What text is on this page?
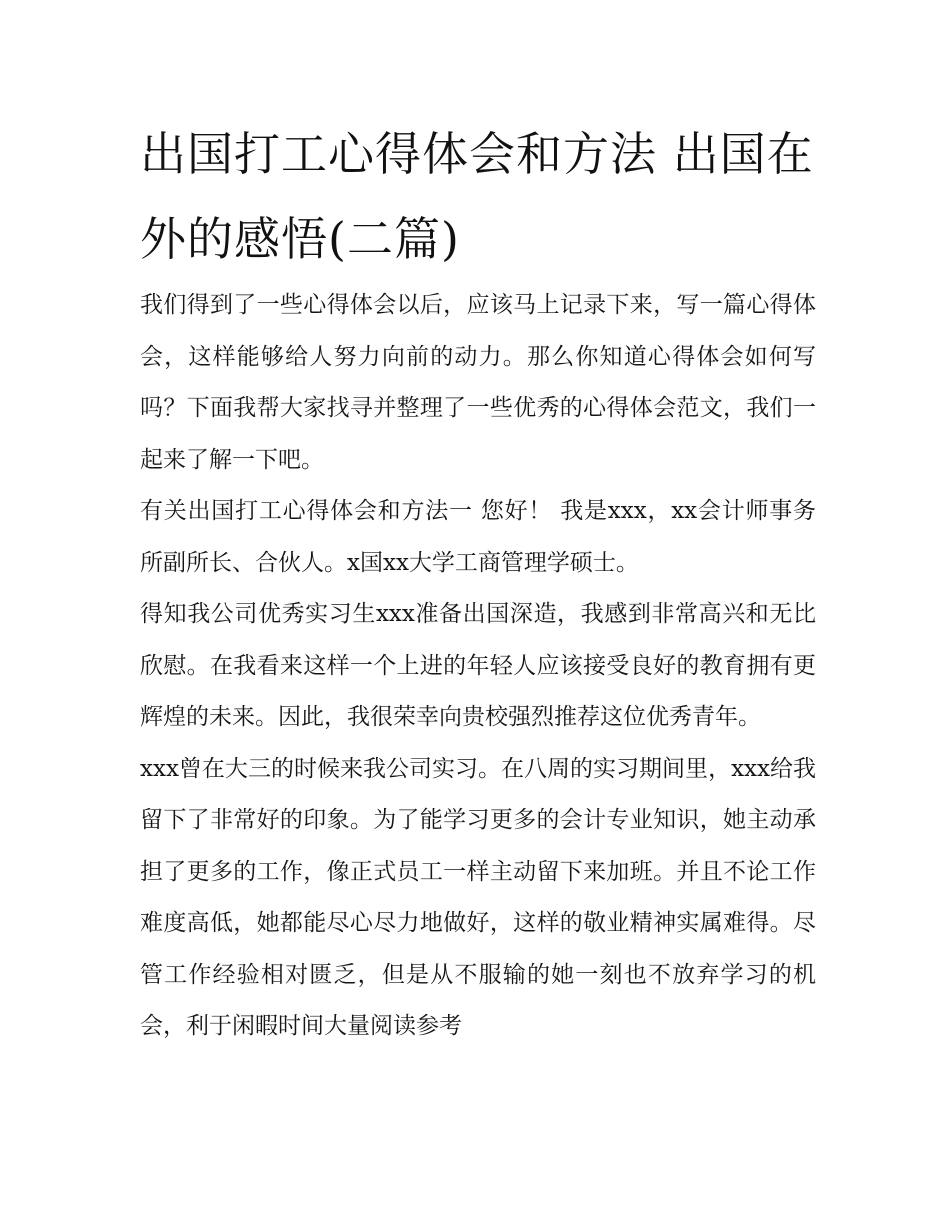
出国打工心得体会和方法 出国在外的感悟(二篇)

我们得到了一些心得体会以后，应该马上记录下来，写一篇心得体会，这样能够给人努力向前的动力。那么你知道心得体会如何写吗？下面我帮大家找寻并整理了一些优秀的心得体会范文，我们一起来了解一下吧。

有关出国打工心得体会和方法一 您好！ 我是xxx，xx会计师事务所副所长、合伙人。x国xx大学工商管理学硕士。

得知我公司优秀实习生xxx准备出国深造，我感到非常高兴和无比欣慰。在我看来这样一个上进的年轻人应该接受良好的教育拥有更辉煌的未来。因此，我很荣幸向贵校强烈推荐这位优秀青年。

xxx曾在大三的时候来我公司实习。在八周的实习期间里，xxx给我留下了非常好的印象。为了能学习更多的会计专业知识，她主动承担了更多的工作，像正式员工一样主动留下来加班。并且不论工作难度高低，她都能尽心尽力地做好，这样的敬业精神实属难得。尽管工作经验相对匮乏，但是从不服输的她一刻也不放弃学习的机会，利于闲暇时间大量阅读参考
